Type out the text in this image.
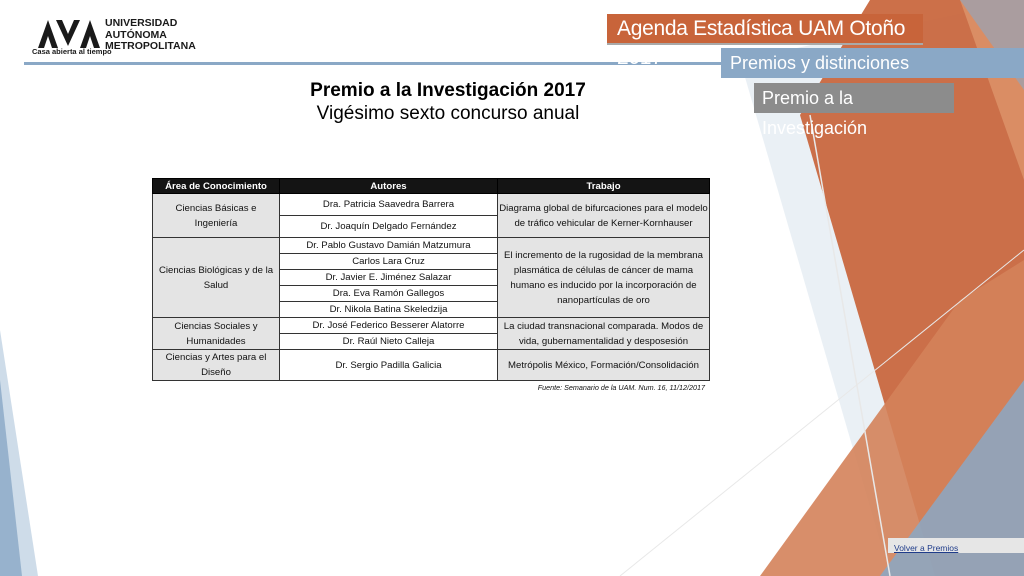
Casa abierta al tiempo
UNIVERSIDAD
AUTÓNOMA
METROPOLITANA
Agenda Estadística UAM Otoño 2017	Premios y distinciones
Premio a la Investigación
Premio a la Investigación 2017
Vigésimo sexto concurso anual
Área de Conocimiento	Autores	Trabajo
Ciencias Básicas e Ingeniería	Dra. Patricia Saavedra Barrera	Diagrama global de bifurcaciones para el modelo de tráfico vehicular de Kerner-Kornhauser
	Dr. Joaquín Delgado Fernández	
Ciencias Biológicas y de la Salud	Dr. Pablo Gustavo Damián Matzumura	El incremento de la rugosidad de la membrana plasmática de células de cáncer de mama humano es inducido por la incorporación de nanopartículas de oro
	Carlos Lara Cruz	
	Dr. Javier E. Jiménez Salazar	
	Dra. Eva Ramón Gallegos	
	Dr. Nikola Batina Skeledzija	
Ciencias Sociales y Humanidades	Dr. José Federico Besserer Alatorre	La ciudad transnacional comparada. Modos de vida, gubernamentalidad y desposesión
	Dr. Raúl Nieto Calleja	
Ciencias y Artes para el Diseño	Dr. Sergio Padilla Galicia	Metrópolis México, Formación/Consolidación
Fuente: Semanario de la UAM. Num. 16, 11/12/2017
Volver a Premios
